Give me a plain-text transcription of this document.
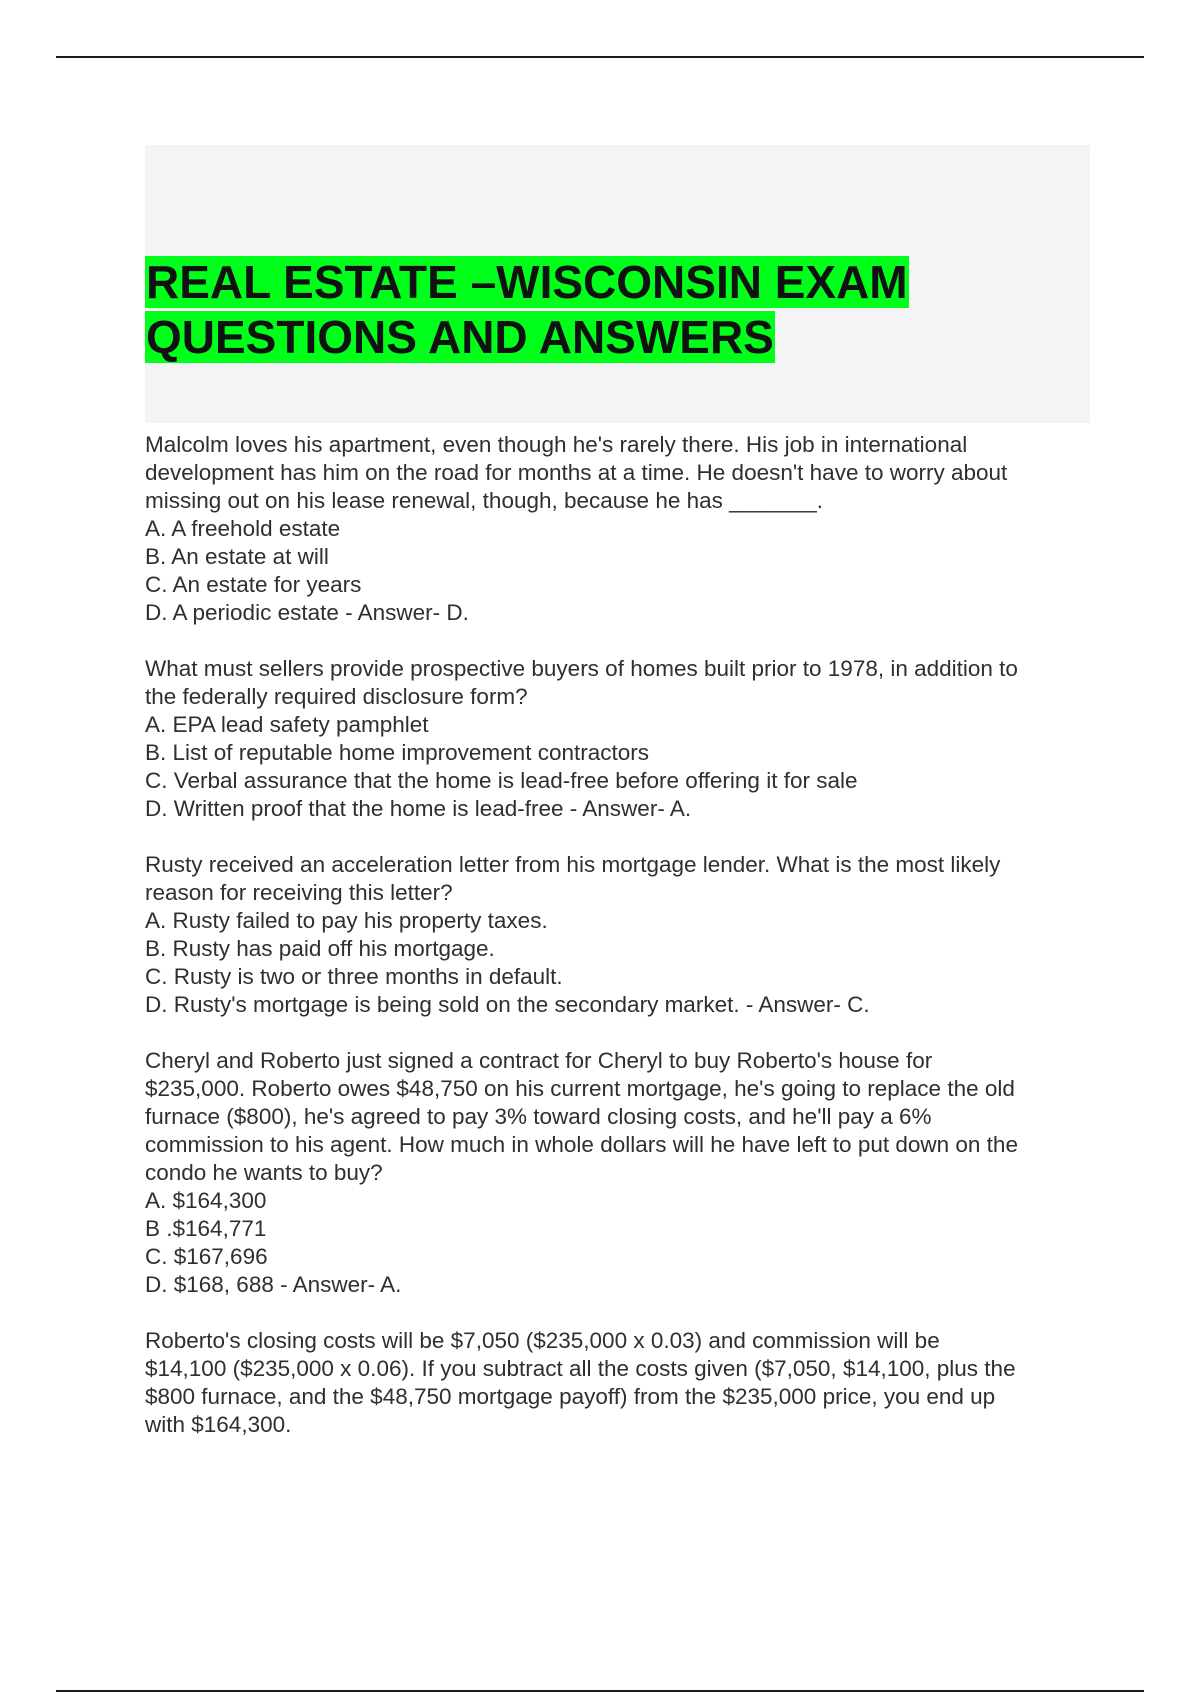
REAL ESTATE –WISCONSIN EXAM
QUESTIONS AND ANSWERS
Malcolm loves his apartment, even though he's rarely there. His job in international
development has him on the road for months at a time. He doesn't have to worry about
missing out on his lease renewal, though, because he has _______.
A. A freehold estate
B. An estate at will
C. An estate for years
D. A periodic estate - Answer- D.
What must sellers provide prospective buyers of homes built prior to 1978, in addition to
the federally required disclosure form?
A. EPA lead safety pamphlet
B. List of reputable home improvement contractors
C. Verbal assurance that the home is lead-free before offering it for sale
D. Written proof that the home is lead-free - Answer- A.
Rusty received an acceleration letter from his mortgage lender. What is the most likely
reason for receiving this letter?
A. Rusty failed to pay his property taxes.
B. Rusty has paid off his mortgage.
C. Rusty is two or three months in default.
D. Rusty's mortgage is being sold on the secondary market. - Answer- C.
Cheryl and Roberto just signed a contract for Cheryl to buy Roberto's house for
$235,000. Roberto owes $48,750 on his current mortgage, he's going to replace the old
furnace ($800), he's agreed to pay 3% toward closing costs, and he'll pay a 6%
commission to his agent. How much in whole dollars will he have left to put down on the
condo he wants to buy?
A. $164,300
B .$164,771
C. $167,696
D. $168, 688 - Answer- A.
Roberto's closing costs will be $7,050 ($235,000 x 0.03) and commission will be
$14,100 ($235,000 x 0.06). If you subtract all the costs given ($7,050, $14,100, plus the
$800 furnace, and the $48,750 mortgage payoff) from the $235,000 price, you end up
with $164,300.
